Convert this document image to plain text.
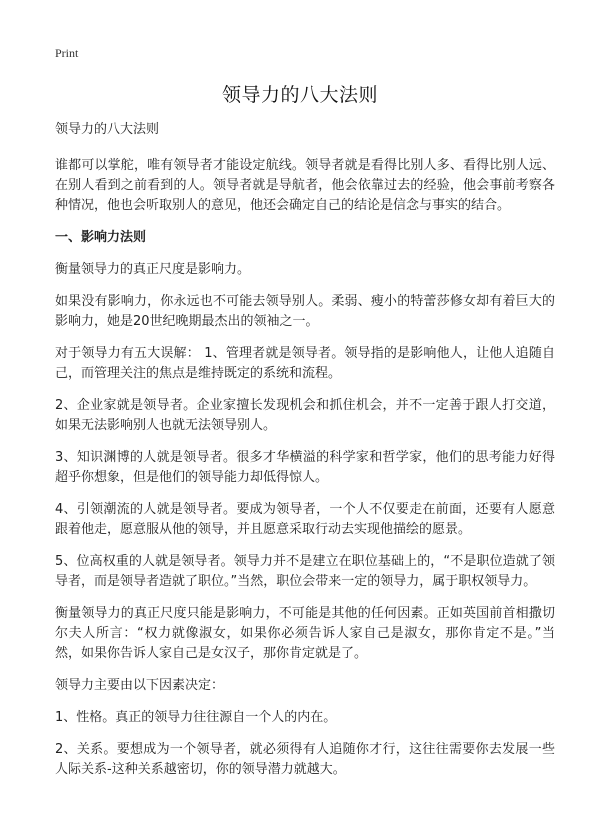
Print
领导力的八大法则

领导力的八大法则

谁都可以掌舵，唯有领导者才能设定航线。领导者就是看得比别人多、看得比别人远、在别人看到之前看到的人。领导者就是导航者，他会依靠过去的经验，他会事前考察各种情况，他也会听取别人的意见，他还会确定自己的结论是信念与事实的结合。

一、影响力法则

衡量领导力的真正尺度是影响力。

如果没有影响力，你永远也不可能去领导别人。柔弱、瘦小的特蕾莎修女却有着巨大的影响力，她是20世纪晚期最杰出的领袖之一。

对于领导力有五大误解： 1、管理者就是领导者。领导指的是影响他人，让他人追随自己，而管理关注的焦点是维持既定的系统和流程。

2、企业家就是领导者。企业家擅长发现机会和抓住机会，并不一定善于跟人打交道，如果无法影响别人也就无法领导别人。

3、知识渊博的人就是领导者。很多才华横溢的科学家和哲学家，他们的思考能力好得超乎你想象，但是他们的领导能力却低得惊人。

4、引领潮流的人就是领导者。要成为领导者，一个人不仅要走在前面，还要有人愿意跟着他走，愿意服从他的领导，并且愿意采取行动去实现他描绘的愿景。

5、位高权重的人就是领导者。领导力并不是建立在职位基础上的，“不是职位造就了领导者，而是领导者造就了职位。”当然，职位会带来一定的领导力，属于职权领导力。

衡量领导力的真正尺度只能是影响力，不可能是其他的任何因素。正如英国前首相撒切尔夫人所言：“权力就像淑女，如果你必须告诉人家自己是淑女，那你肯定不是。”当然，如果你告诉人家自己是女汉子，那你肯定就是了。

领导力主要由以下因素决定：

1、性格。真正的领导力往往源自一个人的内在。

2、关系。要想成为一个领导者，就必须得有人追随你才行，这往往需要你去发展一些人际关系-这种关系越密切，你的领导潜力就越大。
